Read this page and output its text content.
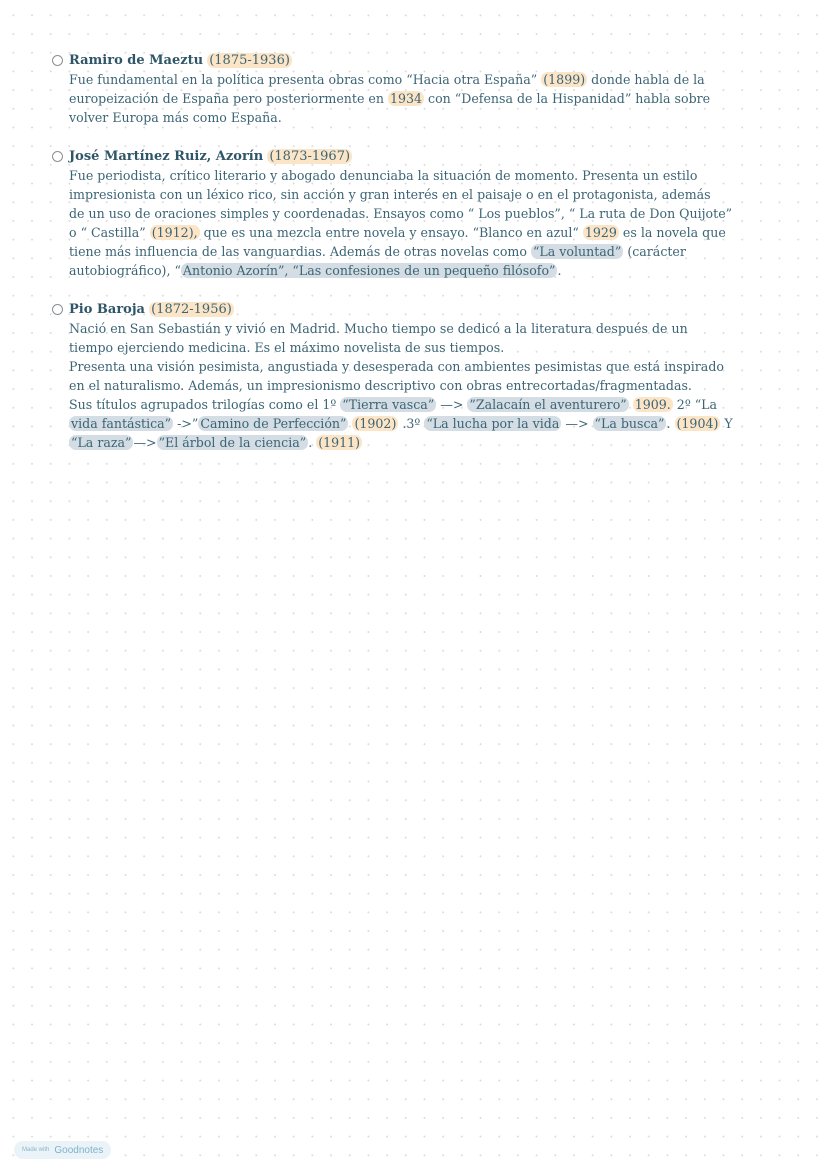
Ramiro de Maeztu (1875-1936)
Fue fundamental en la política presenta obras como “Hacia otra España” (1899) donde habla de la
europeización de España pero posteriormente en 1934 con “Defensa de la Hispanidad” habla sobre
volver Europa más como España.
José Martínez Ruiz, Azorín (1873-1967)
Fue periodista, crítico literario y abogado denunciaba la situación de momento. Presenta un estilo
impresionista con un léxico rico, sin acción y gran interés en el paisaje o en el protagonista, además
de un uso de oraciones simples y coordenadas. Ensayos como “ Los pueblos”, “ La ruta de Don Quijote”
o “ Castilla” (1912), que es una mezcla entre novela y ensayo. “Blanco en azul“ 1929 es la novela que
tiene más influencia de las vanguardias. Además de otras novelas como “La voluntad” (carácter
autobiográfico), “ Antonio Azorín”, “Las confesiones de un pequeño filósofo” .
Pio Baroja (1872-1956)
Nació en San Sebastián y vivió en Madrid. Mucho tiempo se dedicó a la literatura después de un
tiempo ejerciendo medicina. Es el máximo novelista de sus tiempos.
Presenta una visión pesimista, angustiada y desesperada con ambientes pesimistas que está inspirado
en el naturalismo. Además, un impresionismo descriptivo con obras entrecortadas/fragmentadas.
Sus títulos agrupados trilogías como el 1º “Tierra vasca” —> ”Zalacaín el aventurero” 1909. 2º “La
vida fantástica” ->” Camino de Perfección” (1902) .3º “La lucha por la vida —> “La busca” . (1904) Y
“La raza” —> ”El árbol de la ciencia” . (1911)
Made with Goodnotes
